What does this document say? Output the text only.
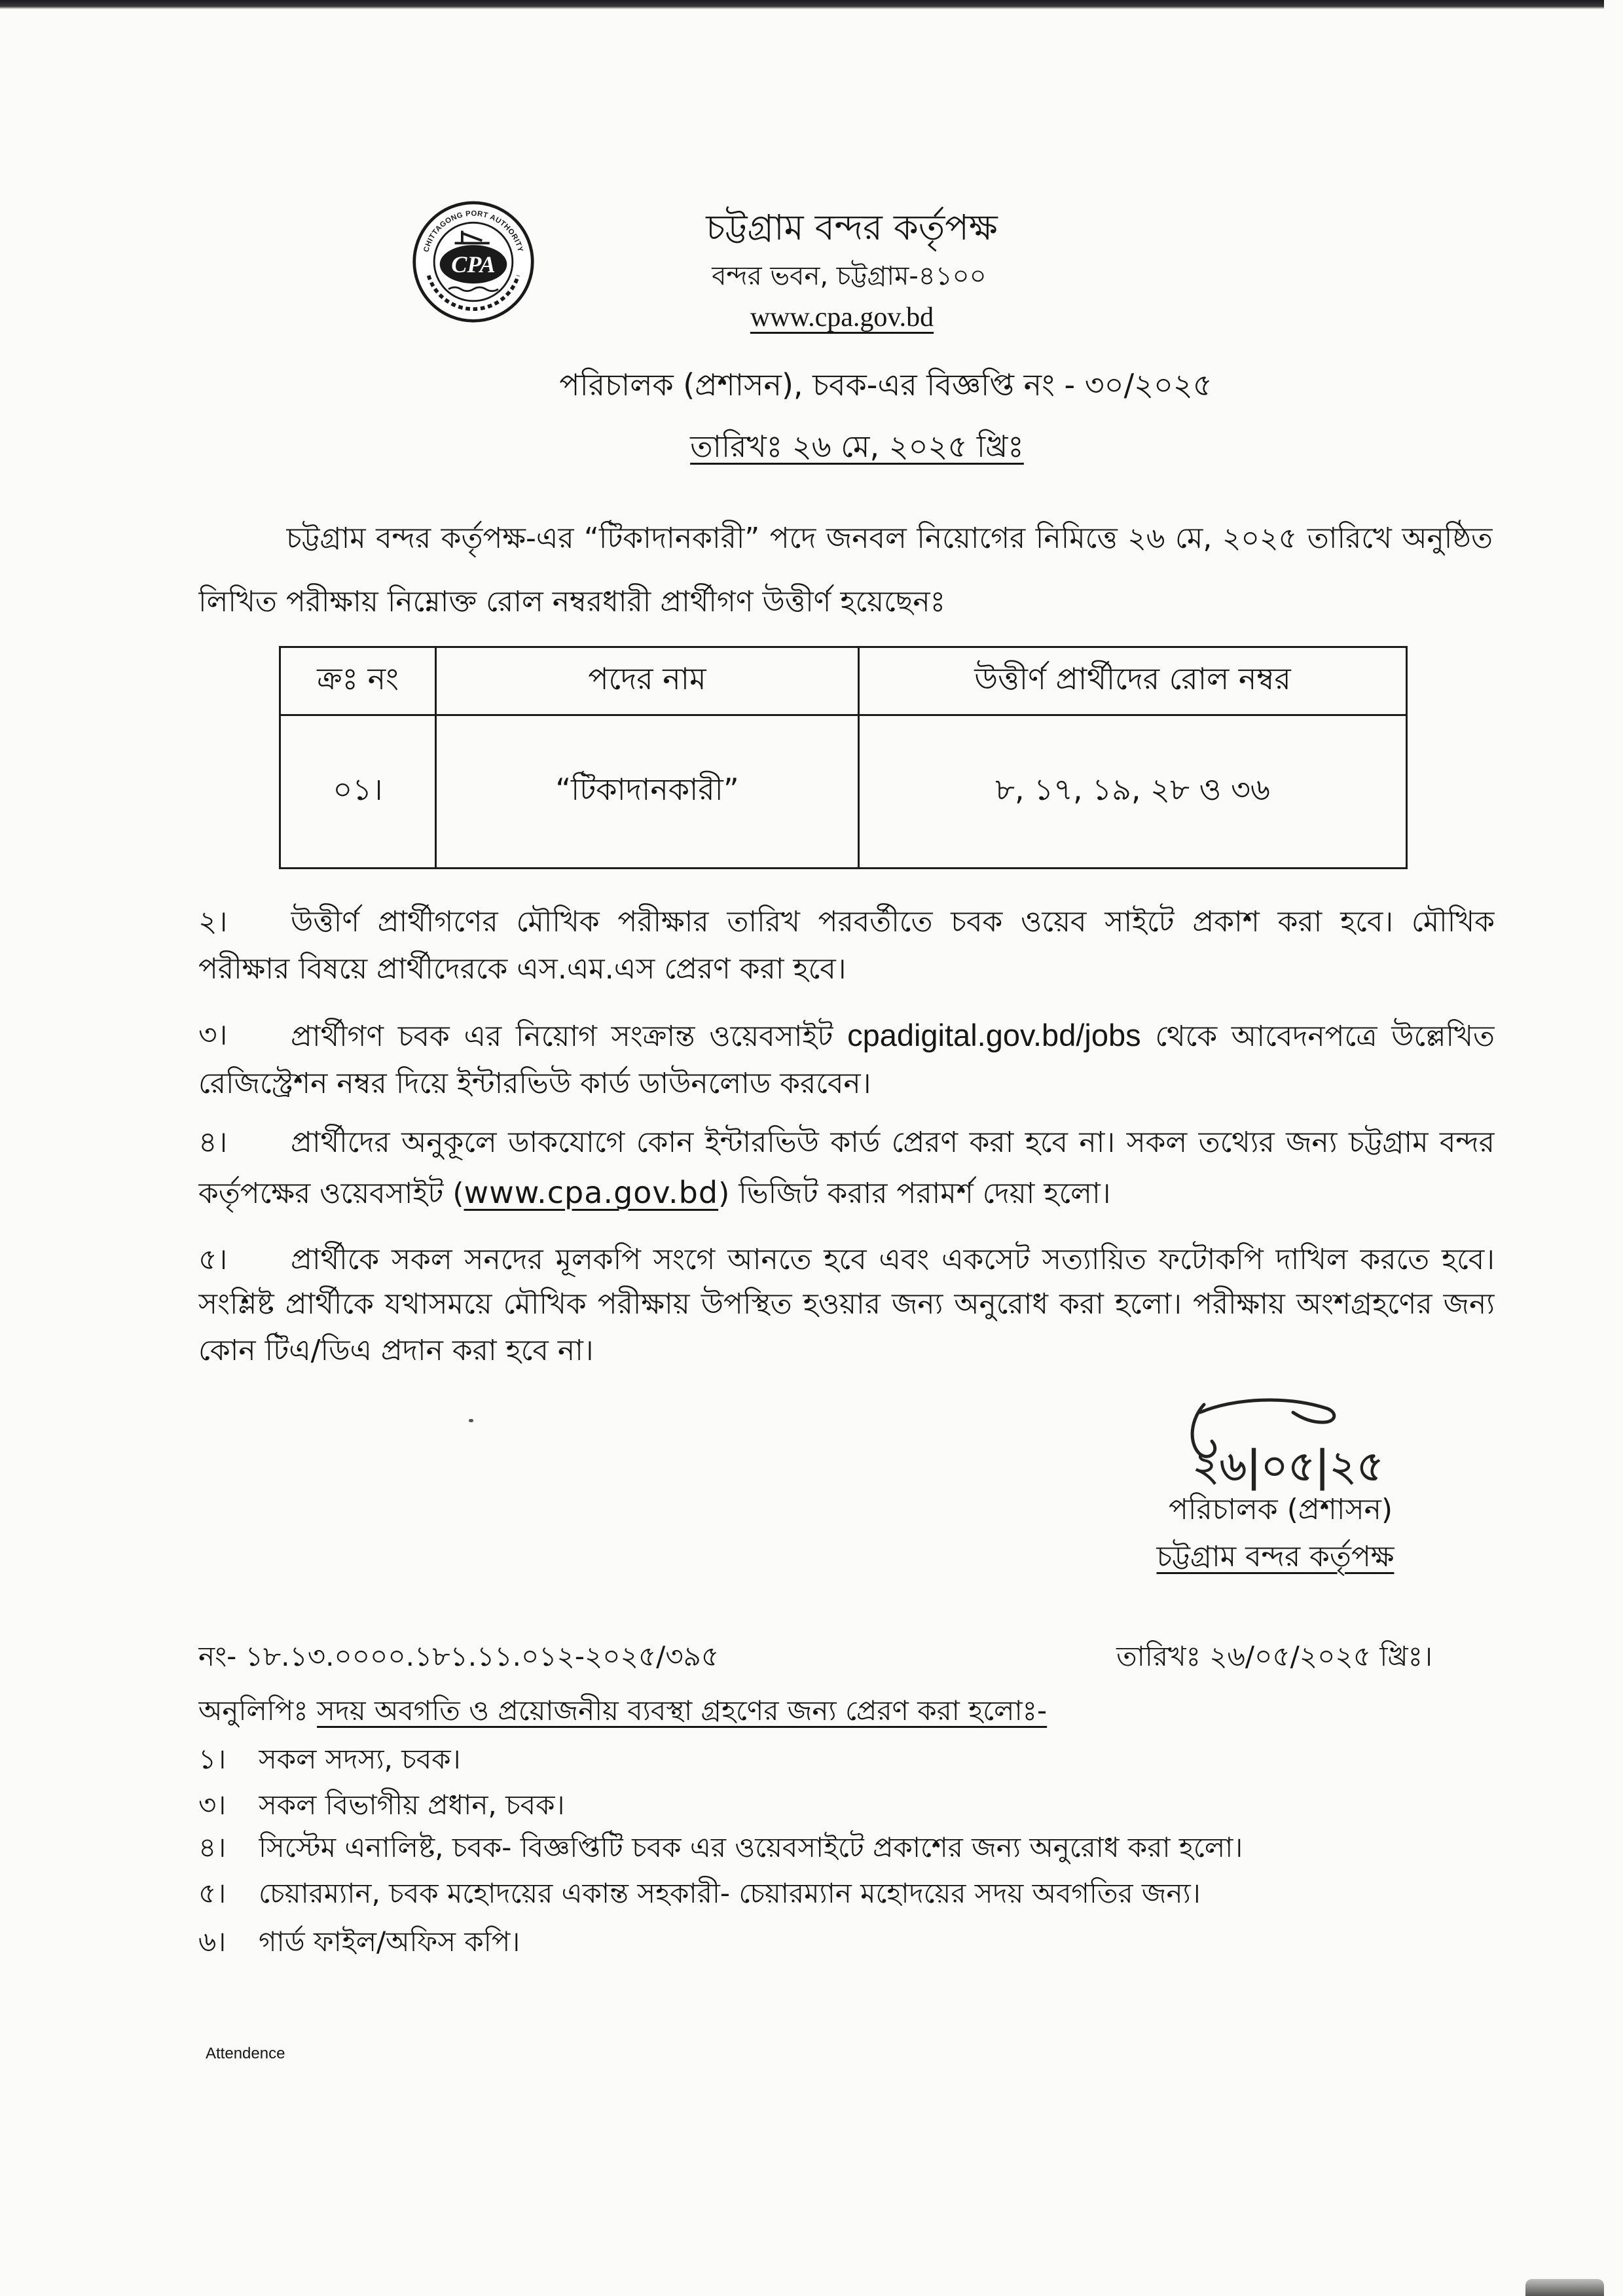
CHITTAGONG PORT AUTHORITY
CPA
চট্টগ্রাম বন্দর কর্তৃপক্ষ
বন্দর ভবন, চট্টগ্রাম-৪১০০
www.cpa.gov.bd
পরিচালক (প্রশাসন), চবক-এর বিজ্ঞপ্তি নং - ৩০/২০২৫
তারিখঃ ২৬ মে, ২০২৫ খ্রিঃ
চট্টগ্রাম বন্দর কর্তৃপক্ষ-এর “টিকাদানকারী” পদে জনবল নিয়োগের নিমিত্তে ২৬ মে, ২০২৫ তারিখে অনুষ্ঠিত
লিখিত পরীক্ষায় নিম্নোক্ত রোল নম্বরধারী প্রার্থীগণ উত্তীর্ণ হয়েছেনঃ
ক্রঃ নং	পদের নাম	উত্তীর্ণ প্রার্থীদের রোল নম্বর
০১।	“টিকাদানকারী”	৮, ১৭, ১৯, ২৮ ও ৩৬
২।	উত্তীর্ণ প্রার্থীগণের মৌখিক পরীক্ষার তারিখ পরবর্তীতে চবক ওয়েব সাইটে প্রকাশ করা হবে। মৌখিক
পরীক্ষার বিষয়ে প্রার্থীদেরকে এস.এম.এস প্রেরণ করা হবে।
৩।	প্রার্থীগণ চবক এর নিয়োগ সংক্রান্ত ওয়েবসাইট cpadigital.gov.bd/jobs থেকে আবেদনপত্রে উল্লেখিত
রেজিস্ট্রেশন নম্বর দিয়ে ইন্টারভিউ কার্ড ডাউনলোড করবেন।
৪।	প্রার্থীদের অনুকূলে ডাকযোগে কোন ইন্টারভিউ কার্ড প্রেরণ করা হবে না। সকল তথ্যের জন্য চট্টগ্রাম বন্দর
কর্তৃপক্ষের ওয়েবসাইট (www.cpa.gov.bd) ভিজিট করার পরামর্শ দেয়া হলো।
৫।	প্রার্থীকে সকল সনদের মূলকপি সংগে আনতে হবে এবং একসেট সত্যায়িত ফটোকপি দাখিল করতে হবে।
সংশ্লিষ্ট প্রার্থীকে যথাসময়ে মৌখিক পরীক্ষায় উপস্থিত হওয়ার জন্য অনুরোধ করা হলো। পরীক্ষায় অংশগ্রহণের জন্য
কোন টিএ/ডিএ প্রদান করা হবে না।
২৬|০৫|২৫
পরিচালক (প্রশাসন)
চট্টগ্রাম বন্দর কর্তৃপক্ষ
নং- ১৮.১৩.০০০০.১৮১.১১.০১২-২০২৫/৩৯৫	তারিখঃ ২৬/০৫/২০২৫ খ্রিঃ।
অনুলিপিঃ সদয় অবগতি ও প্রয়োজনীয় ব্যবস্থা গ্রহণের জন্য প্রেরণ করা হলোঃ-
১।	সকল সদস্য, চবক।
৩।	সকল বিভাগীয় প্রধান, চবক।
৪।	সিস্টেম এনালিষ্ট, চবক- বিজ্ঞপ্তিটি চবক এর ওয়েবসাইটে প্রকাশের জন্য অনুরোধ করা হলো।
৫।	চেয়ারম্যান, চবক মহোদয়ের একান্ত সহকারী- চেয়ারম্যান মহোদয়ের সদয় অবগতির জন্য।
৬।	গার্ড ফাইল/অফিস কপি।
Attendence
